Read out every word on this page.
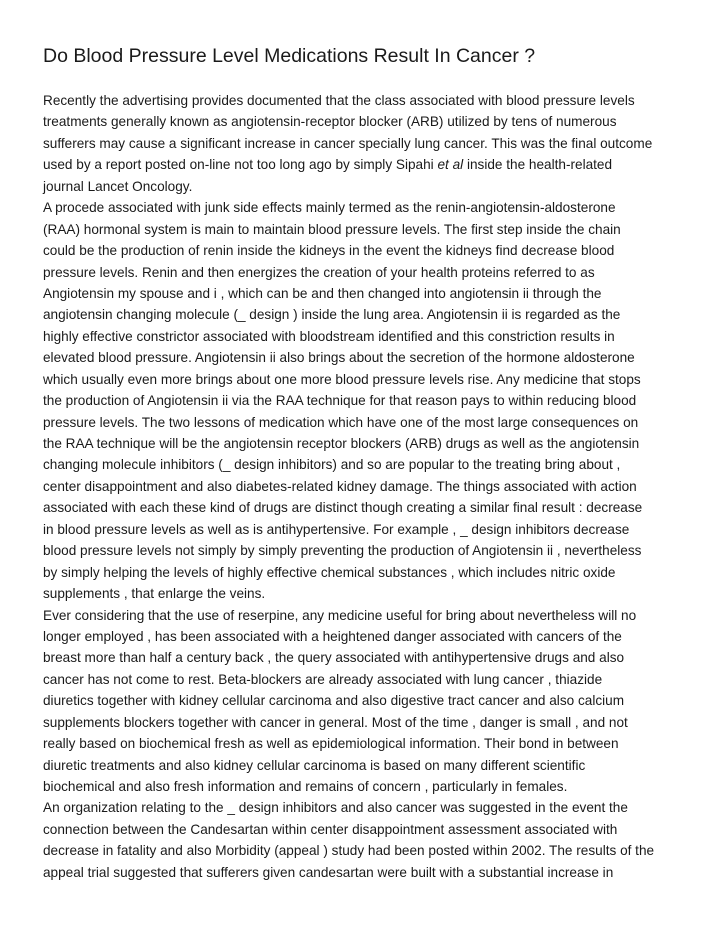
Do Blood Pressure Level Medications Result In Cancer ?
Recently the advertising provides documented that the class associated with blood pressure levels
treatments generally known as angiotensin-receptor blocker (ARB) utilized by tens of numerous
sufferers may cause a significant increase in cancer specially lung cancer. This was the final outcome
used by a report posted on-line not too long ago by simply Sipahi et al inside the health-related
journal Lancet Oncology.
A procede associated with junk side effects mainly termed as the renin-angiotensin-aldosterone
(RAA) hormonal system is main to maintain blood pressure levels. The first step inside the chain
could be the production of renin inside the kidneys in the event the kidneys find decrease blood
pressure levels. Renin and then energizes the creation of your health proteins referred to as
Angiotensin my spouse and i , which can be and then changed into angiotensin ii through the
angiotensin changing molecule (_ design ) inside the lung area. Angiotensin ii is regarded as the
highly effective constrictor associated with bloodstream identified and this constriction results in
elevated blood pressure. Angiotensin ii also brings about the secretion of the hormone aldosterone
which usually even more brings about one more blood pressure levels rise. Any medicine that stops
the production of Angiotensin ii via the RAA technique for that reason pays to within reducing blood
pressure levels. The two lessons of medication which have one of the most large consequences on
the RAA technique will be the angiotensin receptor blockers (ARB) drugs as well as the angiotensin
changing molecule inhibitors (_ design inhibitors) and so are popular to the treating bring about ,
center disappointment and also diabetes-related kidney damage. The things associated with action
associated with each these kind of drugs are distinct though creating a similar final result : decrease
in blood pressure levels as well as is antihypertensive. For example , _ design inhibitors decrease
blood pressure levels not simply by simply preventing the production of Angiotensin ii , nevertheless
by simply helping the levels of highly effective chemical substances , which includes nitric oxide
supplements , that enlarge the veins.
Ever considering that the use of reserpine, any medicine useful for bring about nevertheless will no
longer employed , has been associated with a heightened danger associated with cancers of the
breast more than half a century back , the query associated with antihypertensive drugs and also
cancer has not come to rest. Beta-blockers are already associated with lung cancer , thiazide
diuretics together with kidney cellular carcinoma and also digestive tract cancer and also calcium
supplements blockers together with cancer in general. Most of the time , danger is small , and not
really based on biochemical fresh as well as epidemiological information. Their bond in between
diuretic treatments and also kidney cellular carcinoma is based on many different scientific
biochemical and also fresh information and remains of concern , particularly in females.
An organization relating to the _ design inhibitors and also cancer was suggested in the event the
connection between the Candesartan within center disappointment assessment associated with
decrease in fatality and also Morbidity (appeal ) study had been posted within 2002. The results of the
appeal trial suggested that sufferers given candesartan were built with a substantial increase in
